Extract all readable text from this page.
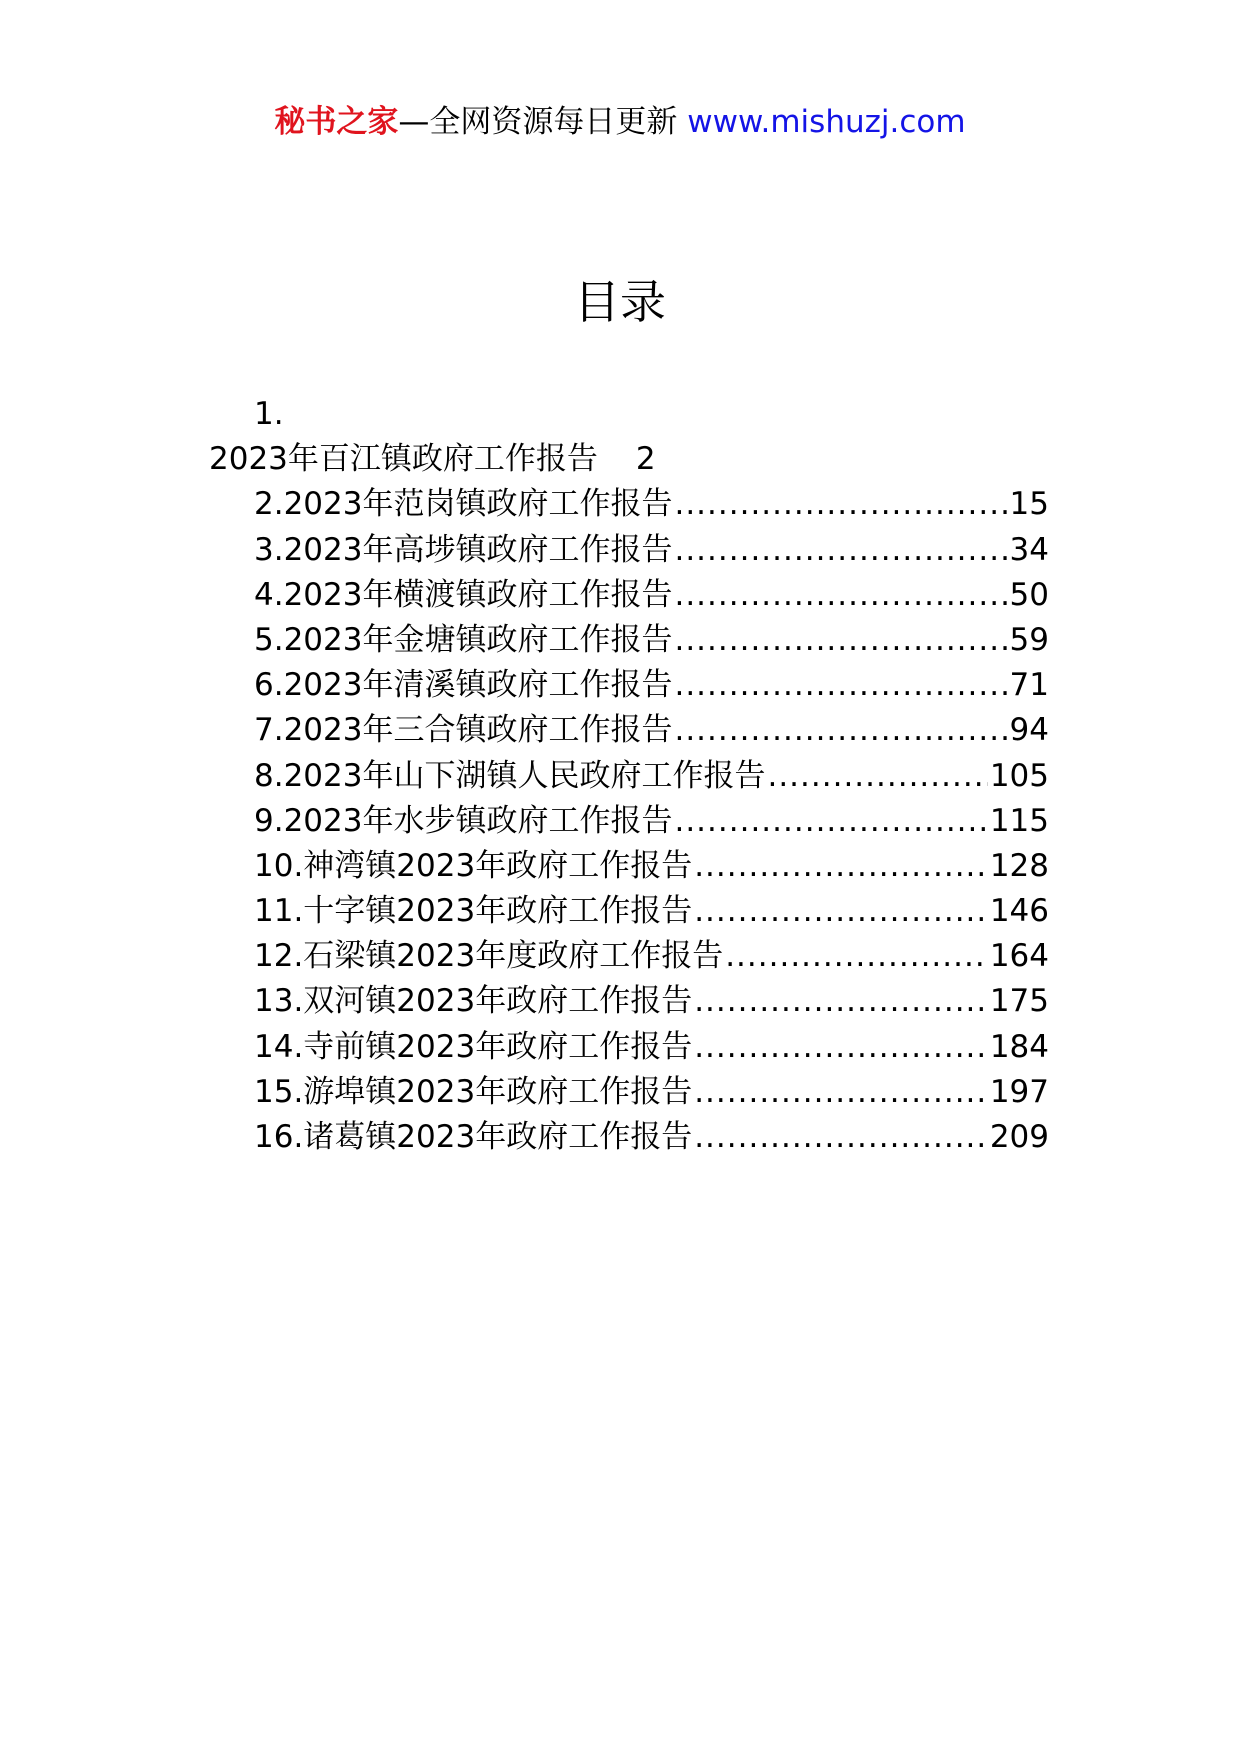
秘书之家—全网资源每日更新 www.mishuzj.com
目录
1.
2023年百江镇政府工作报告 2
2.2023年范岗镇政府工作报告 .....	15
3.2023年高埗镇政府工作报告 .....	34
4.2023年横渡镇政府工作报告 .....	50
5.2023年金塘镇政府工作报告 .....	59
6.2023年清溪镇政府工作报告 .....	71
7.2023年三合镇政府工作报告 .....	94
8.2023年山下湖镇人民政府工作报告 .....	105
9.2023年水步镇政府工作报告 .....	115
10.神湾镇2023年政府工作报告 .....	128
11.十字镇2023年政府工作报告 .....	146
12.石梁镇2023年度政府工作报告 .....	164
13.双河镇2023年政府工作报告 .....	175
14.寺前镇2023年政府工作报告 .....	184
15.游埠镇2023年政府工作报告 .....	197
16.诸葛镇2023年政府工作报告 .....	209
